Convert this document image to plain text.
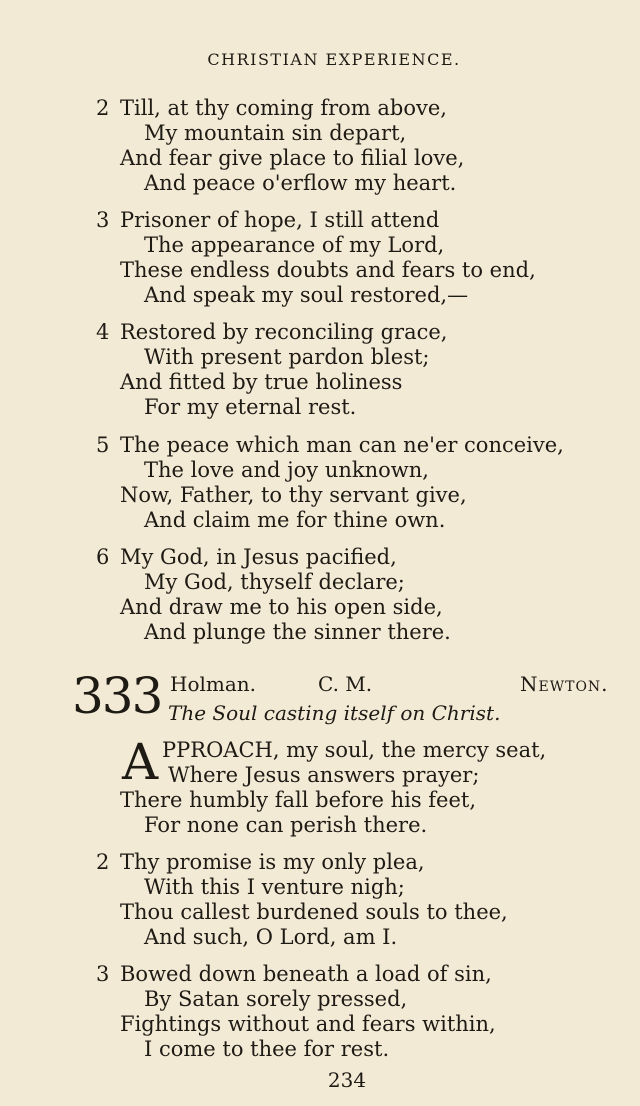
CHRISTIAN EXPERIENCE.
2 Till, at thy coming from above,
My mountain sin depart,
And fear give place to filial love,
And peace o'erflow my heart.
3 Prisoner of hope, I still attend
The appearance of my Lord,
These endless doubts and fears to end,
And speak my soul restored,—
4 Restored by reconciling grace,
With present pardon blest;
And fitted by true holiness
For my eternal rest.
5 The peace which man can ne'er conceive,
The love and joy unknown,
Now, Father, to thy servant give,
And claim me for thine own.
6 My God, in Jesus pacified,
My God, thyself declare;
And draw me to his open side,
And plunge the sinner there.
333 Holman.	C. M.	Newton.
The Soul casting itself on Christ.
A PPROACH, my soul, the mercy seat,
Where Jesus answers prayer;
There humbly fall before his feet,
For none can perish there.
2 Thy promise is my only plea,
With this I venture nigh;
Thou callest burdened souls to thee,
And such, O Lord, am I.
3 Bowed down beneath a load of sin,
By Satan sorely pressed,
Fightings without and fears within,
I come to thee for rest.
234
